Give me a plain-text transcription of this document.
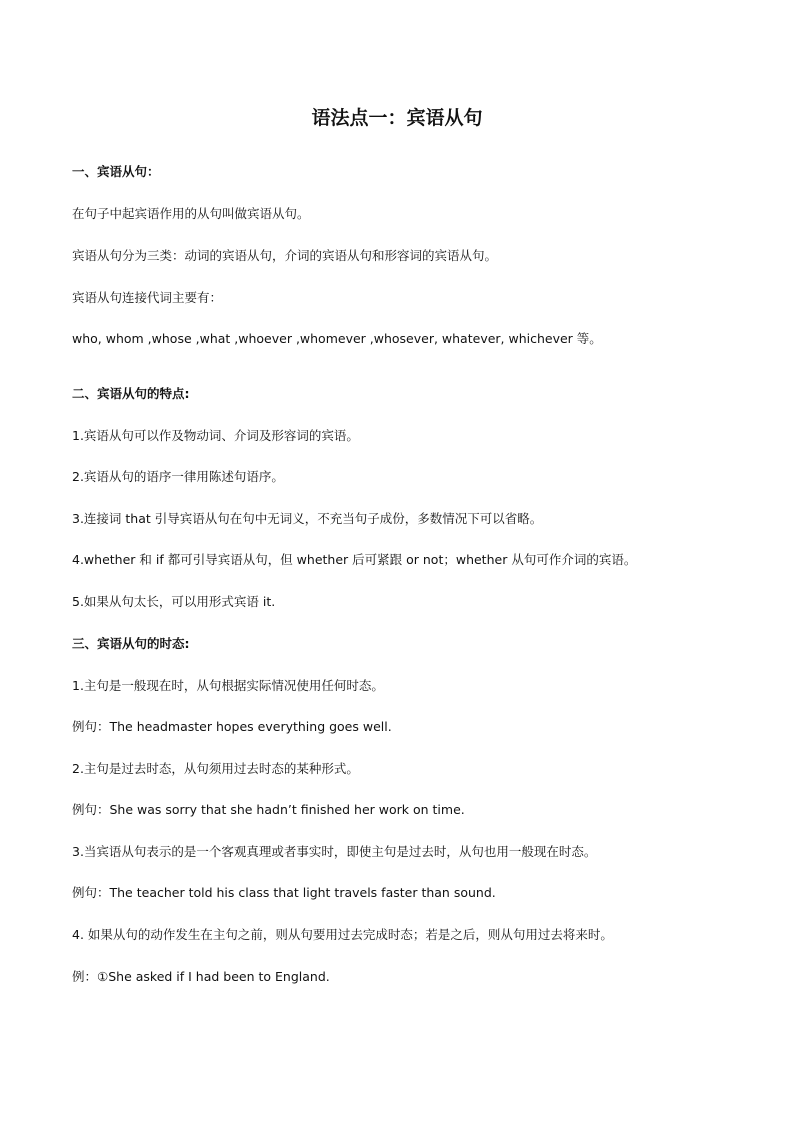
语法点一：宾语从句

一、宾语从句：

在句子中起宾语作用的从句叫做宾语从句。

宾语从句分为三类：动词的宾语从句，介词的宾语从句和形容词的宾语从句。

宾语从句连接代词主要有：

who, whom ,whose ,what ,whoever ,whomever ,whosever, whatever, whichever 等。

二、宾语从句的特点:

1.宾语从句可以作及物动词、介词及形容词的宾语。

2.宾语从句的语序一律用陈述句语序。

3.连接词 that 引导宾语从句在句中无词义，不充当句子成份，多数情况下可以省略。

4.whether 和 if 都可引导宾语从句，但 whether 后可紧跟 or not；whether 从句可作介词的宾语。

5.如果从句太长，可以用形式宾语 it.

三、宾语从句的时态:

1.主句是一般现在时，从句根据实际情况使用任何时态。

例句：The headmaster hopes everything goes well.

2.主句是过去时态，从句须用过去时态的某种形式。

例句：She was sorry that she hadn’t finished her work on time.

3.当宾语从句表示的是一个客观真理或者事实时，即使主句是过去时，从句也用一般现在时态。

例句：The teacher told his class that light travels faster than sound.

4. 如果从句的动作发生在主句之前，则从句要用过去完成时态；若是之后，则从句用过去将来时。

例：①She asked if I had been to England.
